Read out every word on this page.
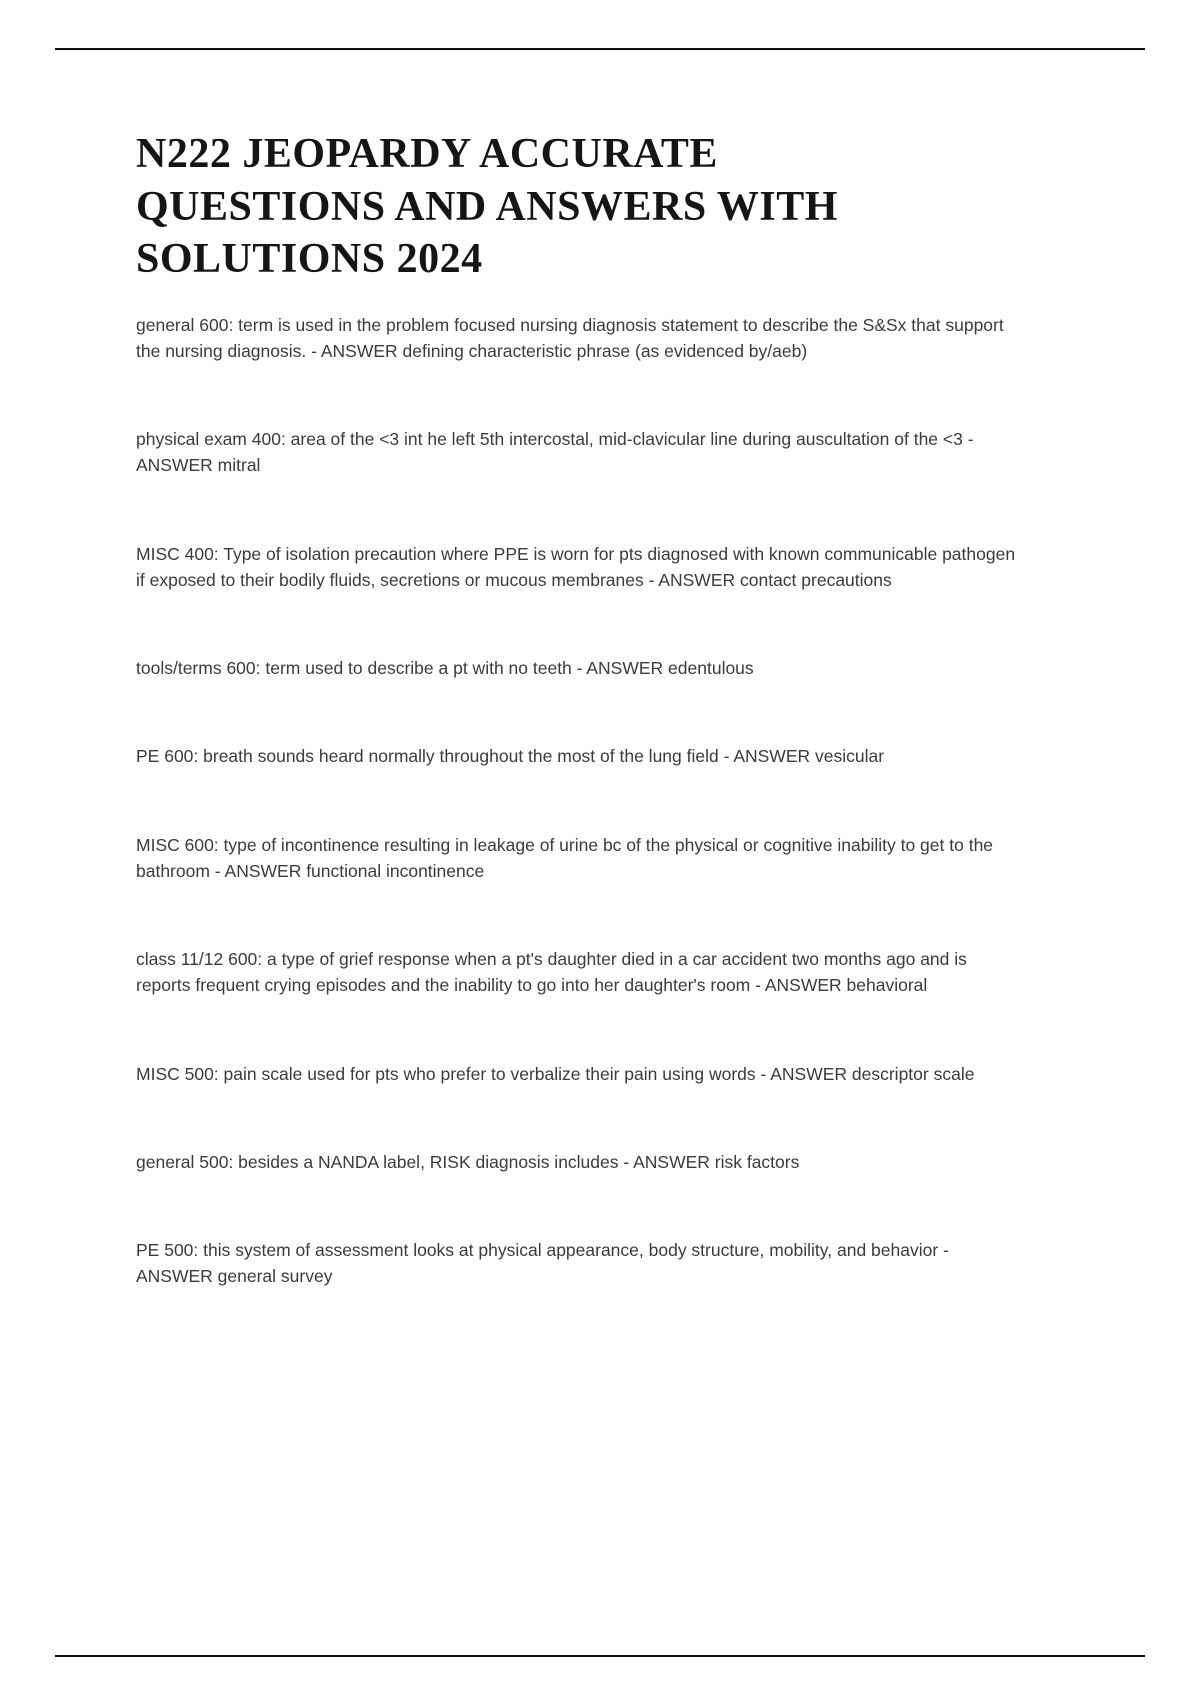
N222 JEOPARDY ACCURATE QUESTIONS AND ANSWERS WITH SOLUTIONS 2024

general 600: term is used in the problem focused nursing diagnosis statement to describe the S&Sx that support the nursing diagnosis. - ANSWER defining characteristic phrase (as evidenced by/aeb)

physical exam 400: area of the <3 int he left 5th intercostal, mid-clavicular line during auscultation of the <3 - ANSWER mitral

MISC 400: Type of isolation precaution where PPE is worn for pts diagnosed with known communicable pathogen if exposed to their bodily fluids, secretions or mucous membranes - ANSWER contact precautions

tools/terms 600: term used to describe a pt with no teeth - ANSWER edentulous

PE 600: breath sounds heard normally throughout the most of the lung field - ANSWER vesicular

MISC 600: type of incontinence resulting in leakage of urine bc of the physical or cognitive inability to get to the bathroom - ANSWER functional incontinence

class 11/12 600: a type of grief response when a pt's daughter died in a car accident two months ago and is reports frequent crying episodes and the inability to go into her daughter's room - ANSWER behavioral

MISC 500: pain scale used for pts who prefer to verbalize their pain using words - ANSWER descriptor scale

general 500: besides a NANDA label, RISK diagnosis includes - ANSWER risk factors

PE 500: this system of assessment looks at physical appearance, body structure, mobility, and behavior - ANSWER general survey
